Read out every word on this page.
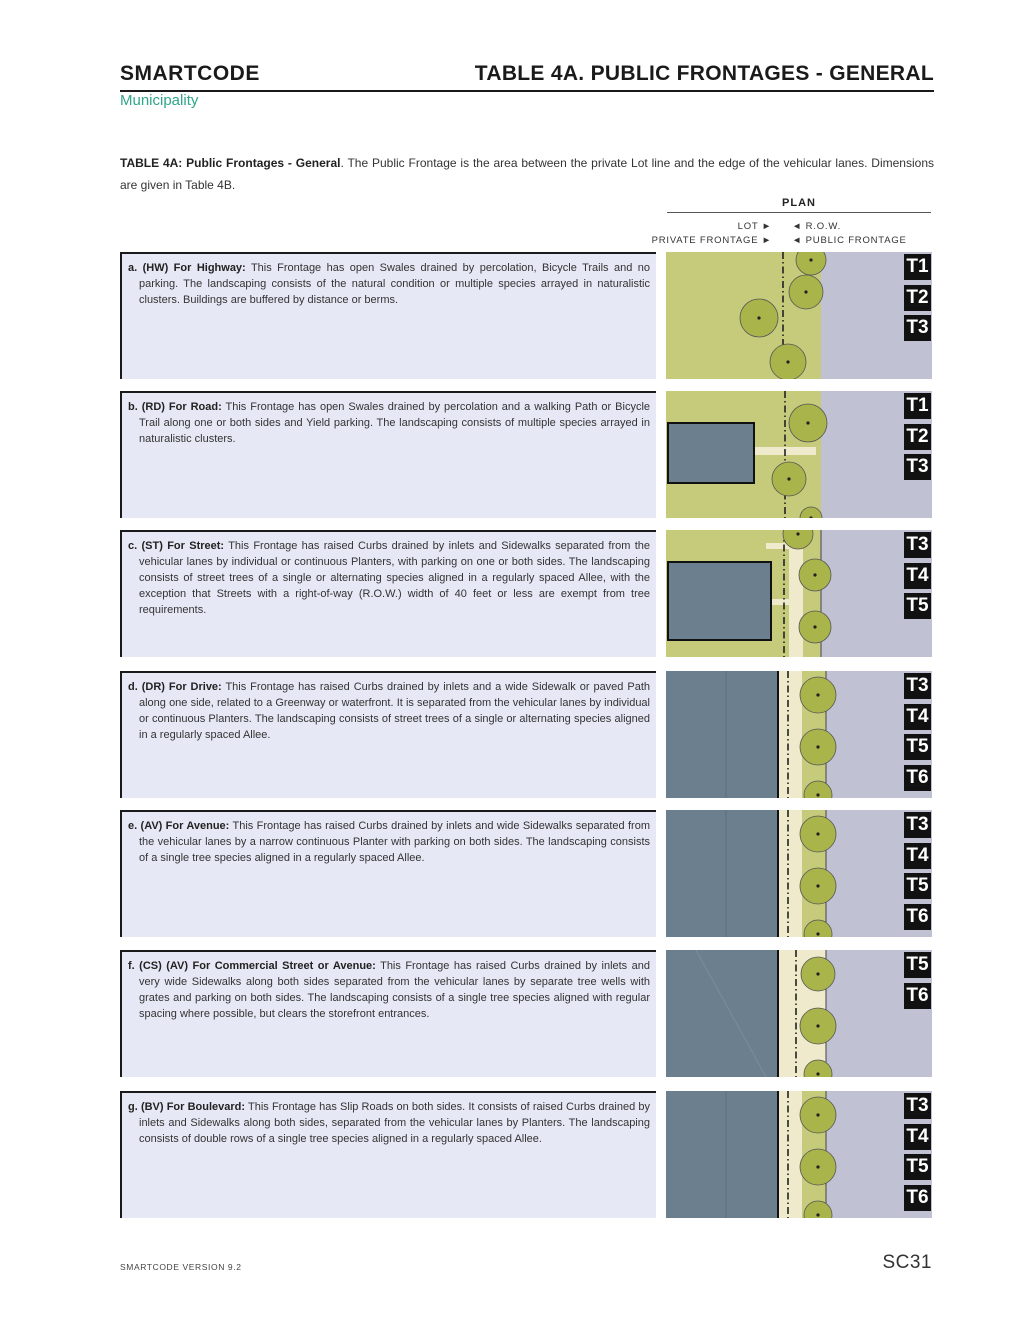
SMARTCODE	TABLE 4A. PUBLIC FRONTAGES - GENERAL
Municipality
TABLE 4A: Public Frontages - General. The Public Frontage is the area between the private Lot line and the edge of the vehicular lanes. Dimensions are given in Table 4B.
PLAN
LOT ►
PRIVATE FRONTAGE ►
◄ R.O.W.
◄ PUBLIC FRONTAGE

a. (HW) For Highway: This Frontage has open Swales drained by percolation, Bicycle Trails and no parking. The landscaping consists of the natural condition or multiple species arrayed in naturalistic clusters. Buildings are buffered by distance or berms.

T1
T2
T3

b. (RD) For Road: This Frontage has open Swales drained by percolation and a walking Path or Bicycle Trail along one or both sides and Yield parking. The landscaping consists of multiple species arrayed in naturalistic clusters.

T1
T2
T3

c. (ST) For Street: This Frontage has raised Curbs drained by inlets and Sidewalks separated from the vehicular lanes by individual or continuous Planters, with parking on one or both sides. The landscaping consists of street trees of a single or alternating species aligned in a regularly spaced Allee, with the exception that Streets with a right-of-way (R.O.W.) width of 40 feet or less are exempt from tree requirements.

T3
T4
T5

d. (DR) For Drive: This Frontage has raised Curbs drained by inlets and a wide Sidewalk or paved Path along one side, related to a Greenway or waterfront. It is separated from the vehicular lanes by individual or continuous Planters. The landscaping consists of street trees of a single or alternating species aligned in a regularly spaced Allee.

T3
T4
T5
T6

e. (AV) For Avenue: This Frontage has raised Curbs drained by inlets and wide Sidewalks separated from the vehicular lanes by a narrow continuous Planter with parking on both sides. The landscaping consists of a single tree species aligned in a regularly spaced Allee.

T3
T4
T5
T6

f. (CS) (AV) For Commercial Street or Avenue: This Frontage has raised Curbs drained by inlets and very wide Sidewalks along both sides separated from the vehicular lanes by separate tree wells with grates and parking on both sides. The landscaping consists of a single tree species aligned with regular spacing where possible, but clears the storefront entrances.

T5
T6

g. (BV) For Boulevard: This Frontage has Slip Roads on both sides. It consists of raised Curbs drained by inlets and Sidewalks along both sides, separated from the vehicular lanes by Planters. The landscaping consists of double rows of a single tree species aligned in a regularly spaced Allee.

T3
T4
T5
T6
SMARTCODE VERSION 9.2	SC31
